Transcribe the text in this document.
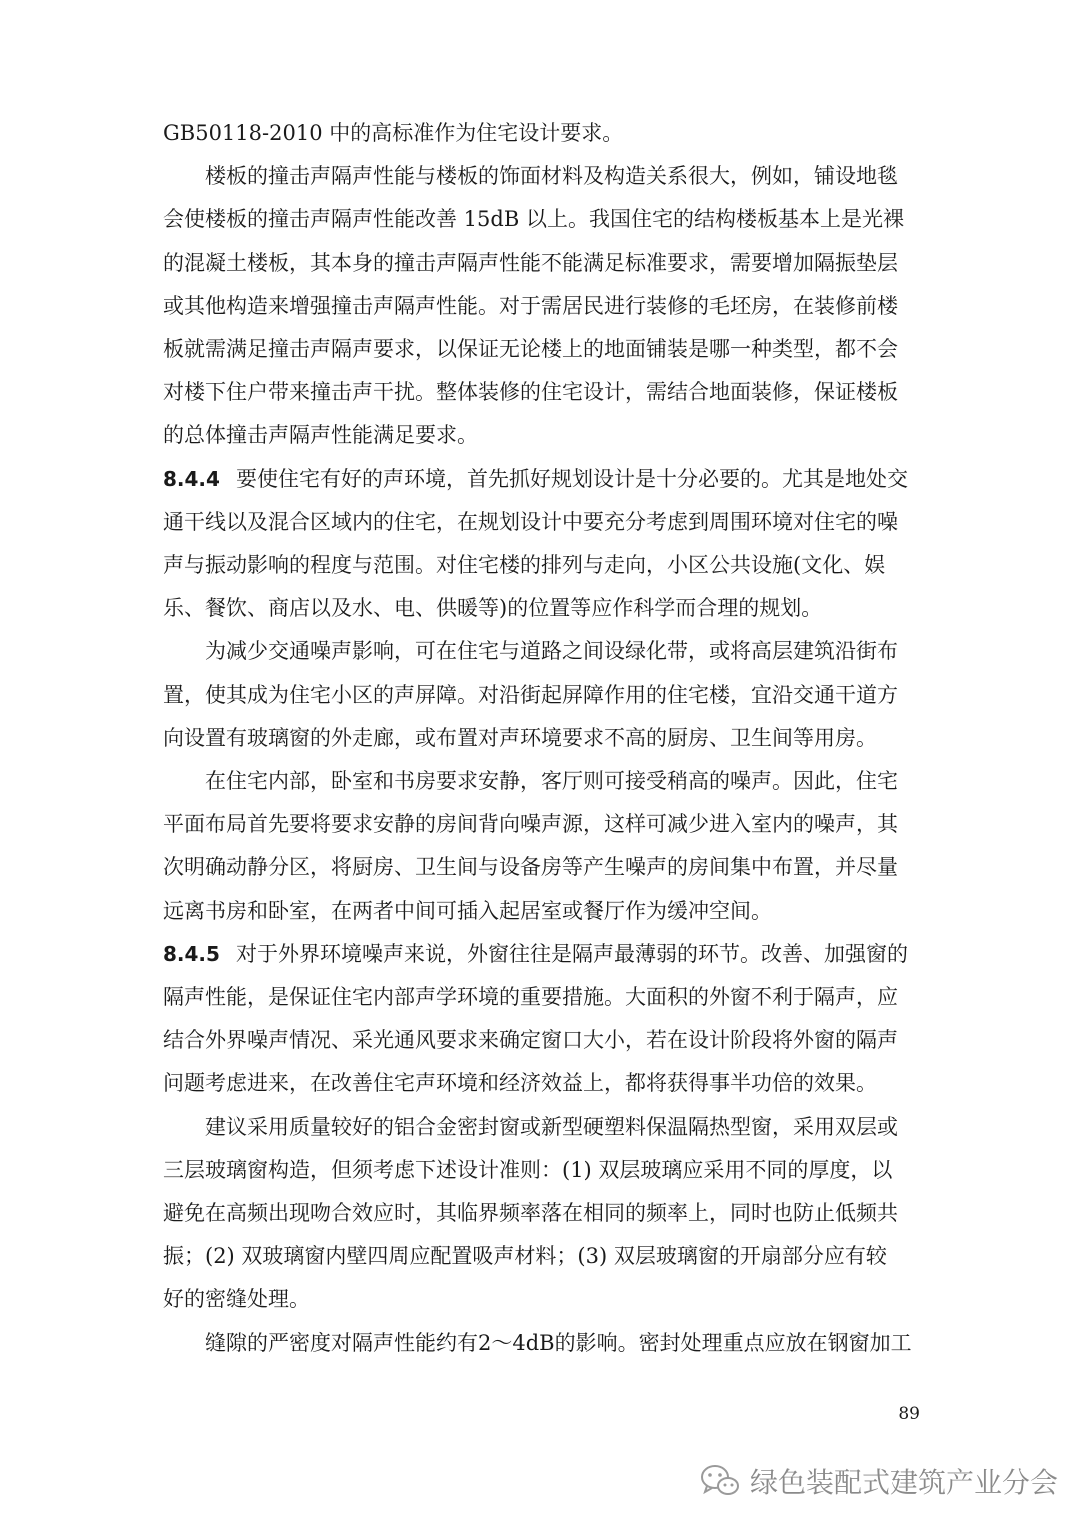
GB50118-2010 中的高标准作为住宅设计要求。
楼板的撞击声隔声性能与楼板的饰面材料及构造关系很大，例如，铺设地毯
会使楼板的撞击声隔声性能改善 15dB 以上。我国住宅的结构楼板基本上是光裸
的混凝土楼板，其本身的撞击声隔声性能不能满足标准要求，需要增加隔振垫层
或其他构造来增强撞击声隔声性能。对于需居民进行装修的毛坯房，在装修前楼
板就需满足撞击声隔声要求，以保证无论楼上的地面铺装是哪一种类型，都不会
对楼下住户带来撞击声干扰。整体装修的住宅设计，需结合地面装修，保证楼板
的总体撞击声隔声性能满足要求。
8.4.4 要使住宅有好的声环境，首先抓好规划设计是十分必要的。尤其是地处交
通干线以及混合区域内的住宅，在规划设计中要充分考虑到周围环境对住宅的噪
声与振动影响的程度与范围。对住宅楼的排列与走向，小区公共设施(文化、娱
乐、餐饮、商店以及水、电、供暖等)的位置等应作科学而合理的规划。
为减少交通噪声影响，可在住宅与道路之间设绿化带，或将高层建筑沿街布
置，使其成为住宅小区的声屏障。对沿街起屏障作用的住宅楼，宜沿交通干道方
向设置有玻璃窗的外走廊，或布置对声环境要求不高的厨房、卫生间等用房。
在住宅内部，卧室和书房要求安静，客厅则可接受稍高的噪声。因此，住宅
平面布局首先要将要求安静的房间背向噪声源，这样可减少进入室内的噪声，其
次明确动静分区，将厨房、卫生间与设备房等产生噪声的房间集中布置，并尽量
远离书房和卧室，在两者中间可插入起居室或餐厅作为缓冲空间。
8.4.5 对于外界环境噪声来说，外窗往往是隔声最薄弱的环节。改善、加强窗的
隔声性能，是保证住宅内部声学环境的重要措施。大面积的外窗不利于隔声，应
结合外界噪声情况、采光通风要求来确定窗口大小，若在设计阶段将外窗的隔声
问题考虑进来，在改善住宅声环境和经济效益上，都将获得事半功倍的效果。
建议采用质量较好的铝合金密封窗或新型硬塑料保温隔热型窗，采用双层或
三层玻璃窗构造，但须考虑下述设计准则：(1) 双层玻璃应采用不同的厚度，以
避免在高频出现吻合效应时，其临界频率落在相同的频率上，同时也防止低频共
振；(2) 双玻璃窗内壁四周应配置吸声材料；(3) 双层玻璃窗的开扇部分应有较
好的密缝处理。
缝隙的严密度对隔声性能约有2～4dB的影响。密封处理重点应放在钢窗加工
89
绿色装配式建筑产业分会
